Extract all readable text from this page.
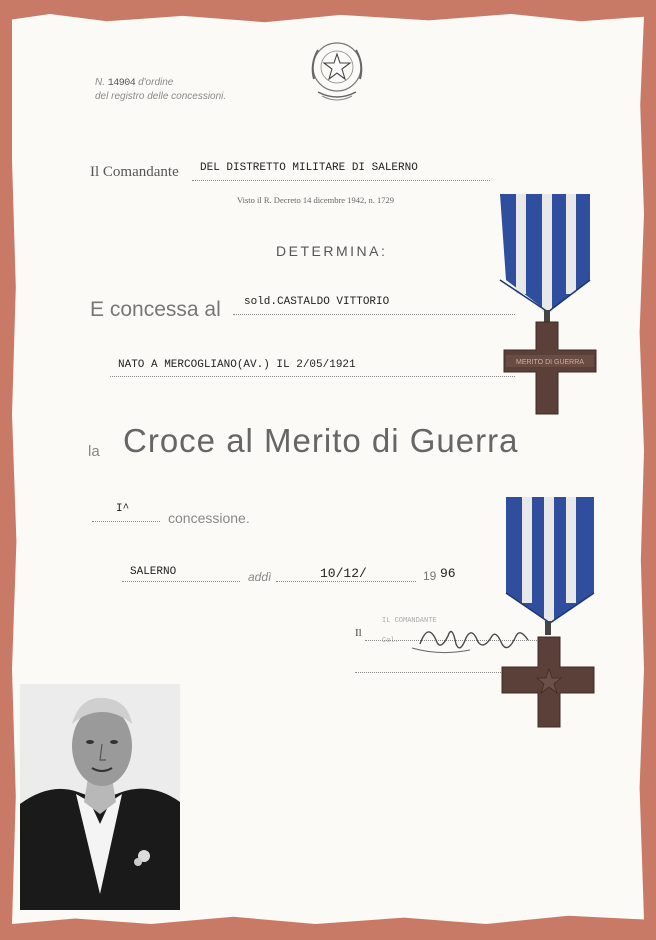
N. 14904 d'ordine
del registro delle concessioni.
Il Comandante DEL DISTRETTO MILITARE DI SALERNO
Visto il R. Decreto 14 dicembre 1942, n. 1729
DETERMINA:
E concessa al sold.CASTALDO VITTORIO
NATO A MERCOGLIANO(AV.) IL 2/05/1921
la Croce al Merito di Guerra
I^
concessione.
SALERNO	addì	10/12/	19 96
Il
IL COMANDANTE
Col.
MERITO DI GUERRA
